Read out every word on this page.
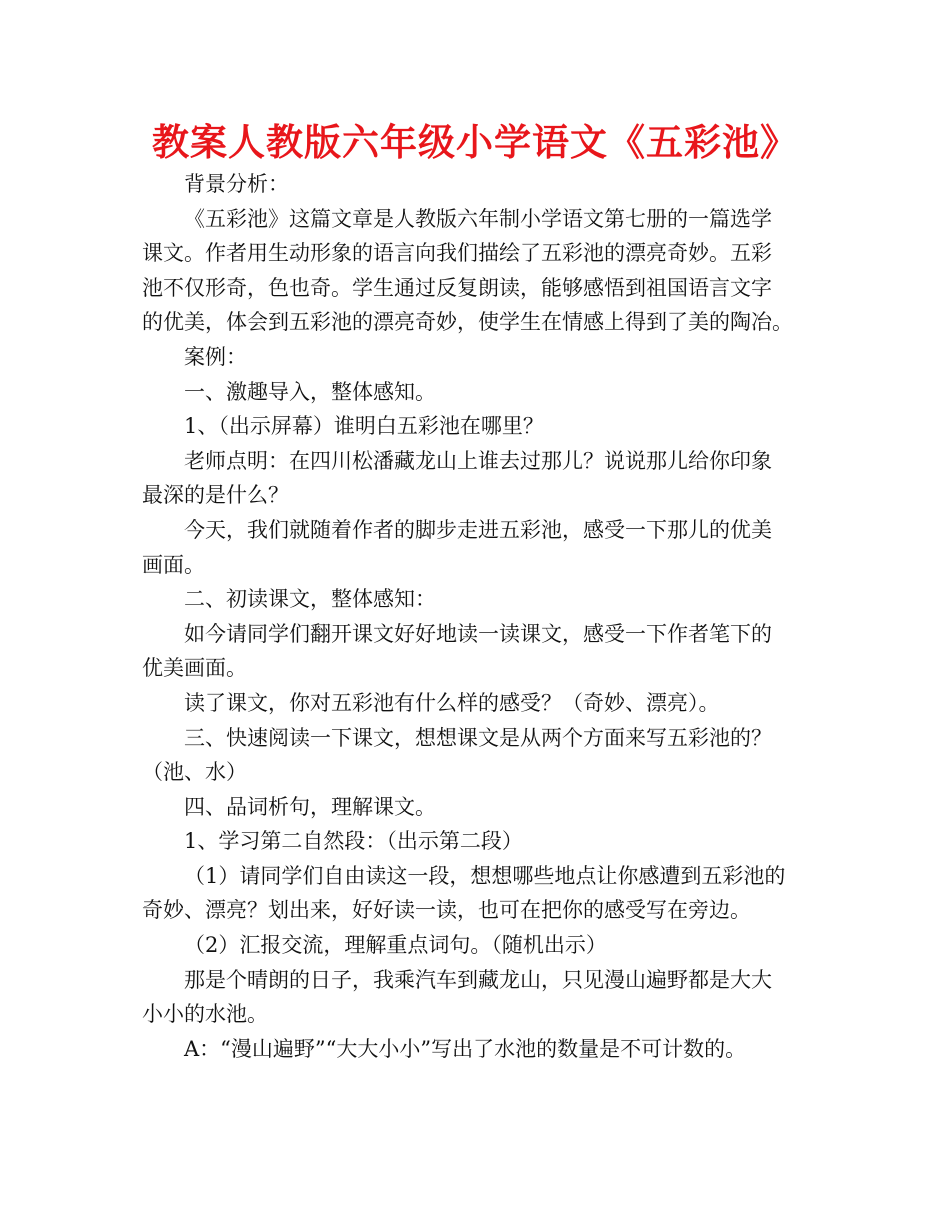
教案人教版六年级小学语文《五彩池》
背景分析：
《五彩池》这篇文章是人教版六年制小学语文第七册的一篇选学
课文。作者用生动形象的语言向我们描绘了五彩池的漂亮奇妙。五彩
池不仅形奇，色也奇。学生通过反复朗读，能够感悟到祖国语言文字
的优美，体会到五彩池的漂亮奇妙，使学生在情感上得到了美的陶冶。
案例：
一、激趣导入，整体感知。
1、（出示屏幕）谁明白五彩池在哪里？
老师点明：在四川松潘藏龙山上谁去过那儿？说说那儿给你印象
最深的是什么？
今天，我们就随着作者的脚步走进五彩池，感受一下那儿的优美
画面。
二、初读课文，整体感知：
如今请同学们翻开课文好好地读一读课文，感受一下作者笔下的
优美画面。
读了课文，你对五彩池有什么样的感受？（奇妙、漂亮）。
三、快速阅读一下课文，想想课文是从两个方面来写五彩池的？
（池、水）
四、品词析句，理解课文。
1、学习第二自然段：（出示第二段）
（1）请同学们自由读这一段，想想哪些地点让你感遭到五彩池的
奇妙、漂亮？划出来，好好读一读，也可在把你的感受写在旁边。
（2）汇报交流，理解重点词句。（随机出示）
那是个晴朗的日子，我乘汽车到藏龙山，只见漫山遍野都是大大
小小的水池。
A：“漫山遍野”“大大小小”写出了水池的数量是不可计数的。
